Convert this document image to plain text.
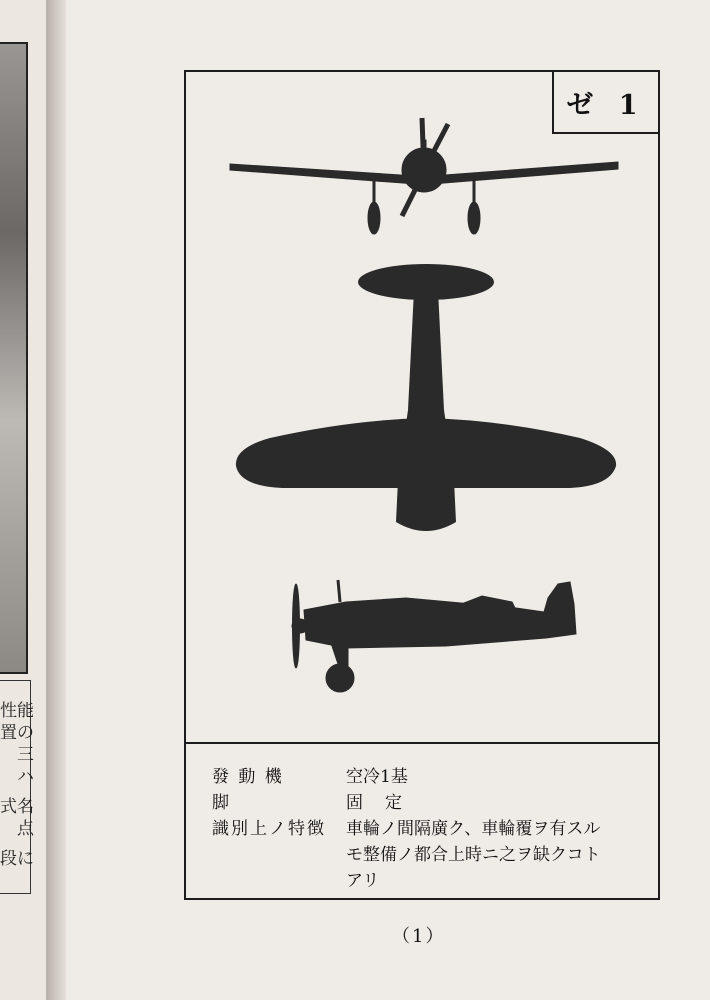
性能
置の
三
ハ
式名
点
段に
ゼ 1
發 動 機	空冷1基
脚	固定
識別上ノ特徴	車輪ノ間隔廣ク、車輪覆ヲ有スル
モ整備ノ都合上時ニ之ヲ缺クコト
アリ
（1）
